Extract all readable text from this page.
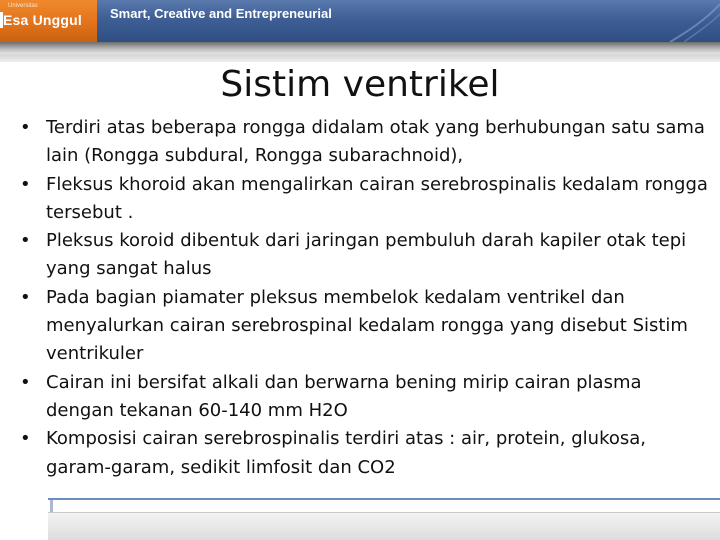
Universitas
Esa Unggul Smart, Creative and Entrepreneurial
Sistim ventrikel
• Terdiri atas beberapa rongga didalam otak yang berhubungan satu sama lain (Rongga subdural, Rongga subarachnoid),
• Fleksus khoroid akan mengalirkan cairan serebrospinalis kedalam rongga tersebut .
• Pleksus koroid dibentuk dari jaringan pembuluh darah kapiler otak tepi yang sangat halus
• Pada bagian piamater pleksus membelok kedalam ventrikel dan menyalurkan cairan serebrospinal kedalam rongga yang disebut Sistim ventrikuler
• Cairan ini bersifat alkali dan berwarna bening mirip cairan plasma dengan tekanan 60-140 mm H2O
• Komposisi cairan serebrospinalis terdiri atas : air, protein, glukosa, garam-garam, sedikit limfosit dan CO2
